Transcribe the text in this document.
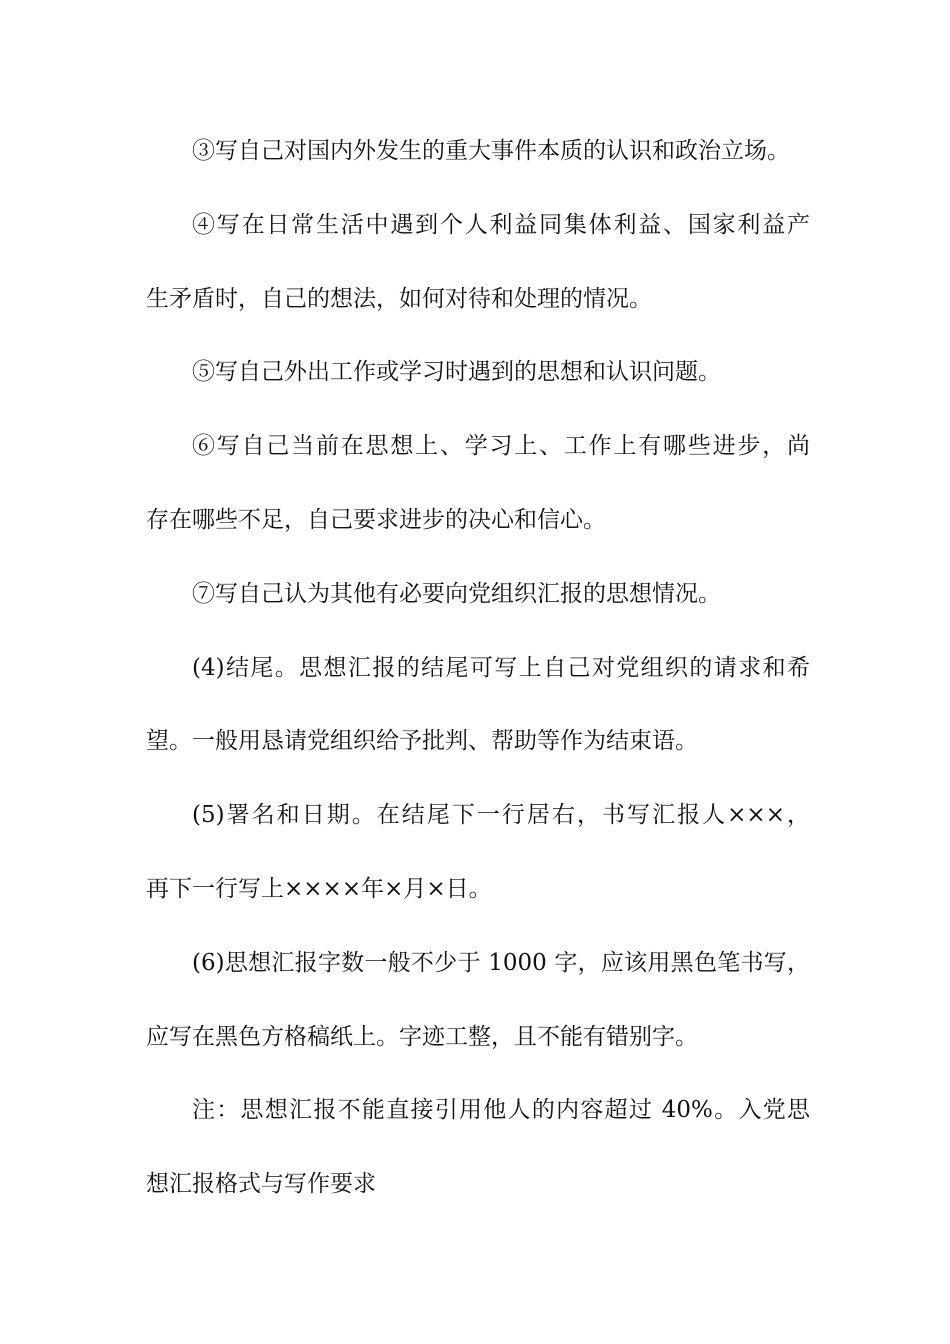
③写自己对国内外发生的重大事件本质的认识和政治立场。
④写在日常生活中遇到个人利益同集体利益、国家利益产
生矛盾时，自己的想法，如何对待和处理的情况。
⑤写自己外出工作或学习时遇到的思想和认识问题。
⑥写自己当前在思想上、学习上、工作上有哪些进步，尚
存在哪些不足，自己要求进步的决心和信心。
⑦写自己认为其他有必要向党组织汇报的思想情况。
(4)结尾。思想汇报的结尾可写上自己对党组织的请求和希
望。一般用恳请党组织给予批判、帮助等作为结束语。
(5)署名和日期。在结尾下一行居右，书写汇报人×××，
再下一行写上××××年×月×日。
(6)思想汇报字数一般不少于 1000 字，应该用黑色笔书写，
应写在黑色方格稿纸上。字迹工整，且不能有错别字。
注：思想汇报不能直接引用他人的内容超过 40%。入党思
想汇报格式与写作要求
